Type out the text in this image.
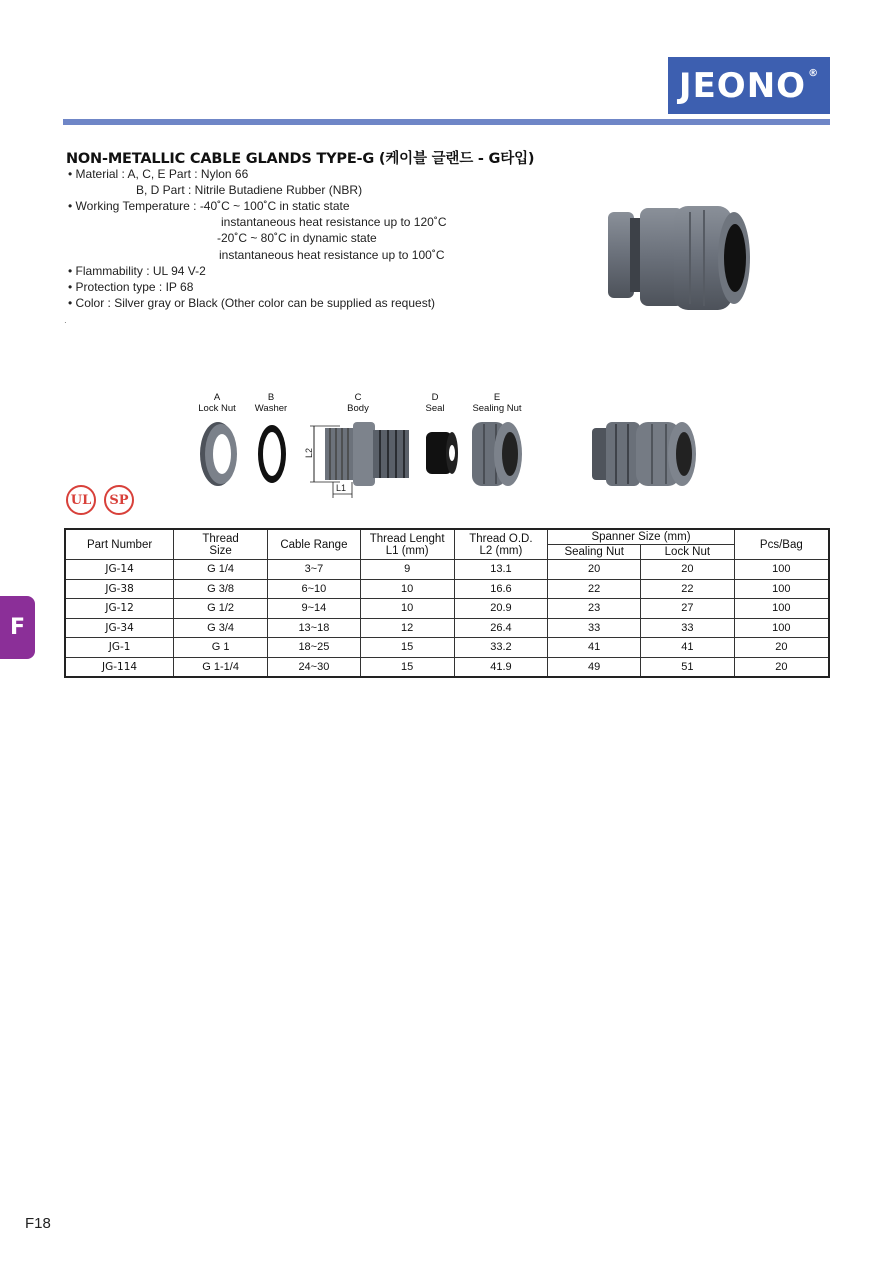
JEONO®
NON-METALLIC CABLE GLANDS TYPE-G (케이블 글랜드 - G타입)
• Material : A, C, E Part : Nylon 66
B, D Part : Nitrile Butadiene Rubber (NBR)
• Working Temperature : -40˚C ~ 100˚C in static state
instantaneous heat resistance up to 120˚C
-20˚C ~ 80˚C in dynamic state
instantaneous heat resistance up to 100˚C
• Flammability : UL 94 V-2
• Protection type : IP 68
• Color : Silver gray or Black (Other color can be supplied as request)
·
A
Lock Nut
B
Washer
C
Body
D
Seal
E
Sealing Nut
L2
L1
UL	SP
Part Number	Thread Size	Cable Range	Thread Lenght L1 (mm)	Thread O.D. L2 (mm)	Spanner Size (mm)		Pcs/Bag
					Sealing Nut	Lock Nut	
JG-14	G 1/4	3~7	9	13.1	20	20	100
JG-38	G 3/8	6~10	10	16.6	22	22	100
JG-12	G 1/2	9~14	10	20.9	23	27	100
JG-34	G 3/4	13~18	12	26.4	33	33	100
JG-1	G 1	18~25	15	33.2	41	41	20
JG-114	G 1-1/4	24~30	15	41.9	49	51	20
F
F18
